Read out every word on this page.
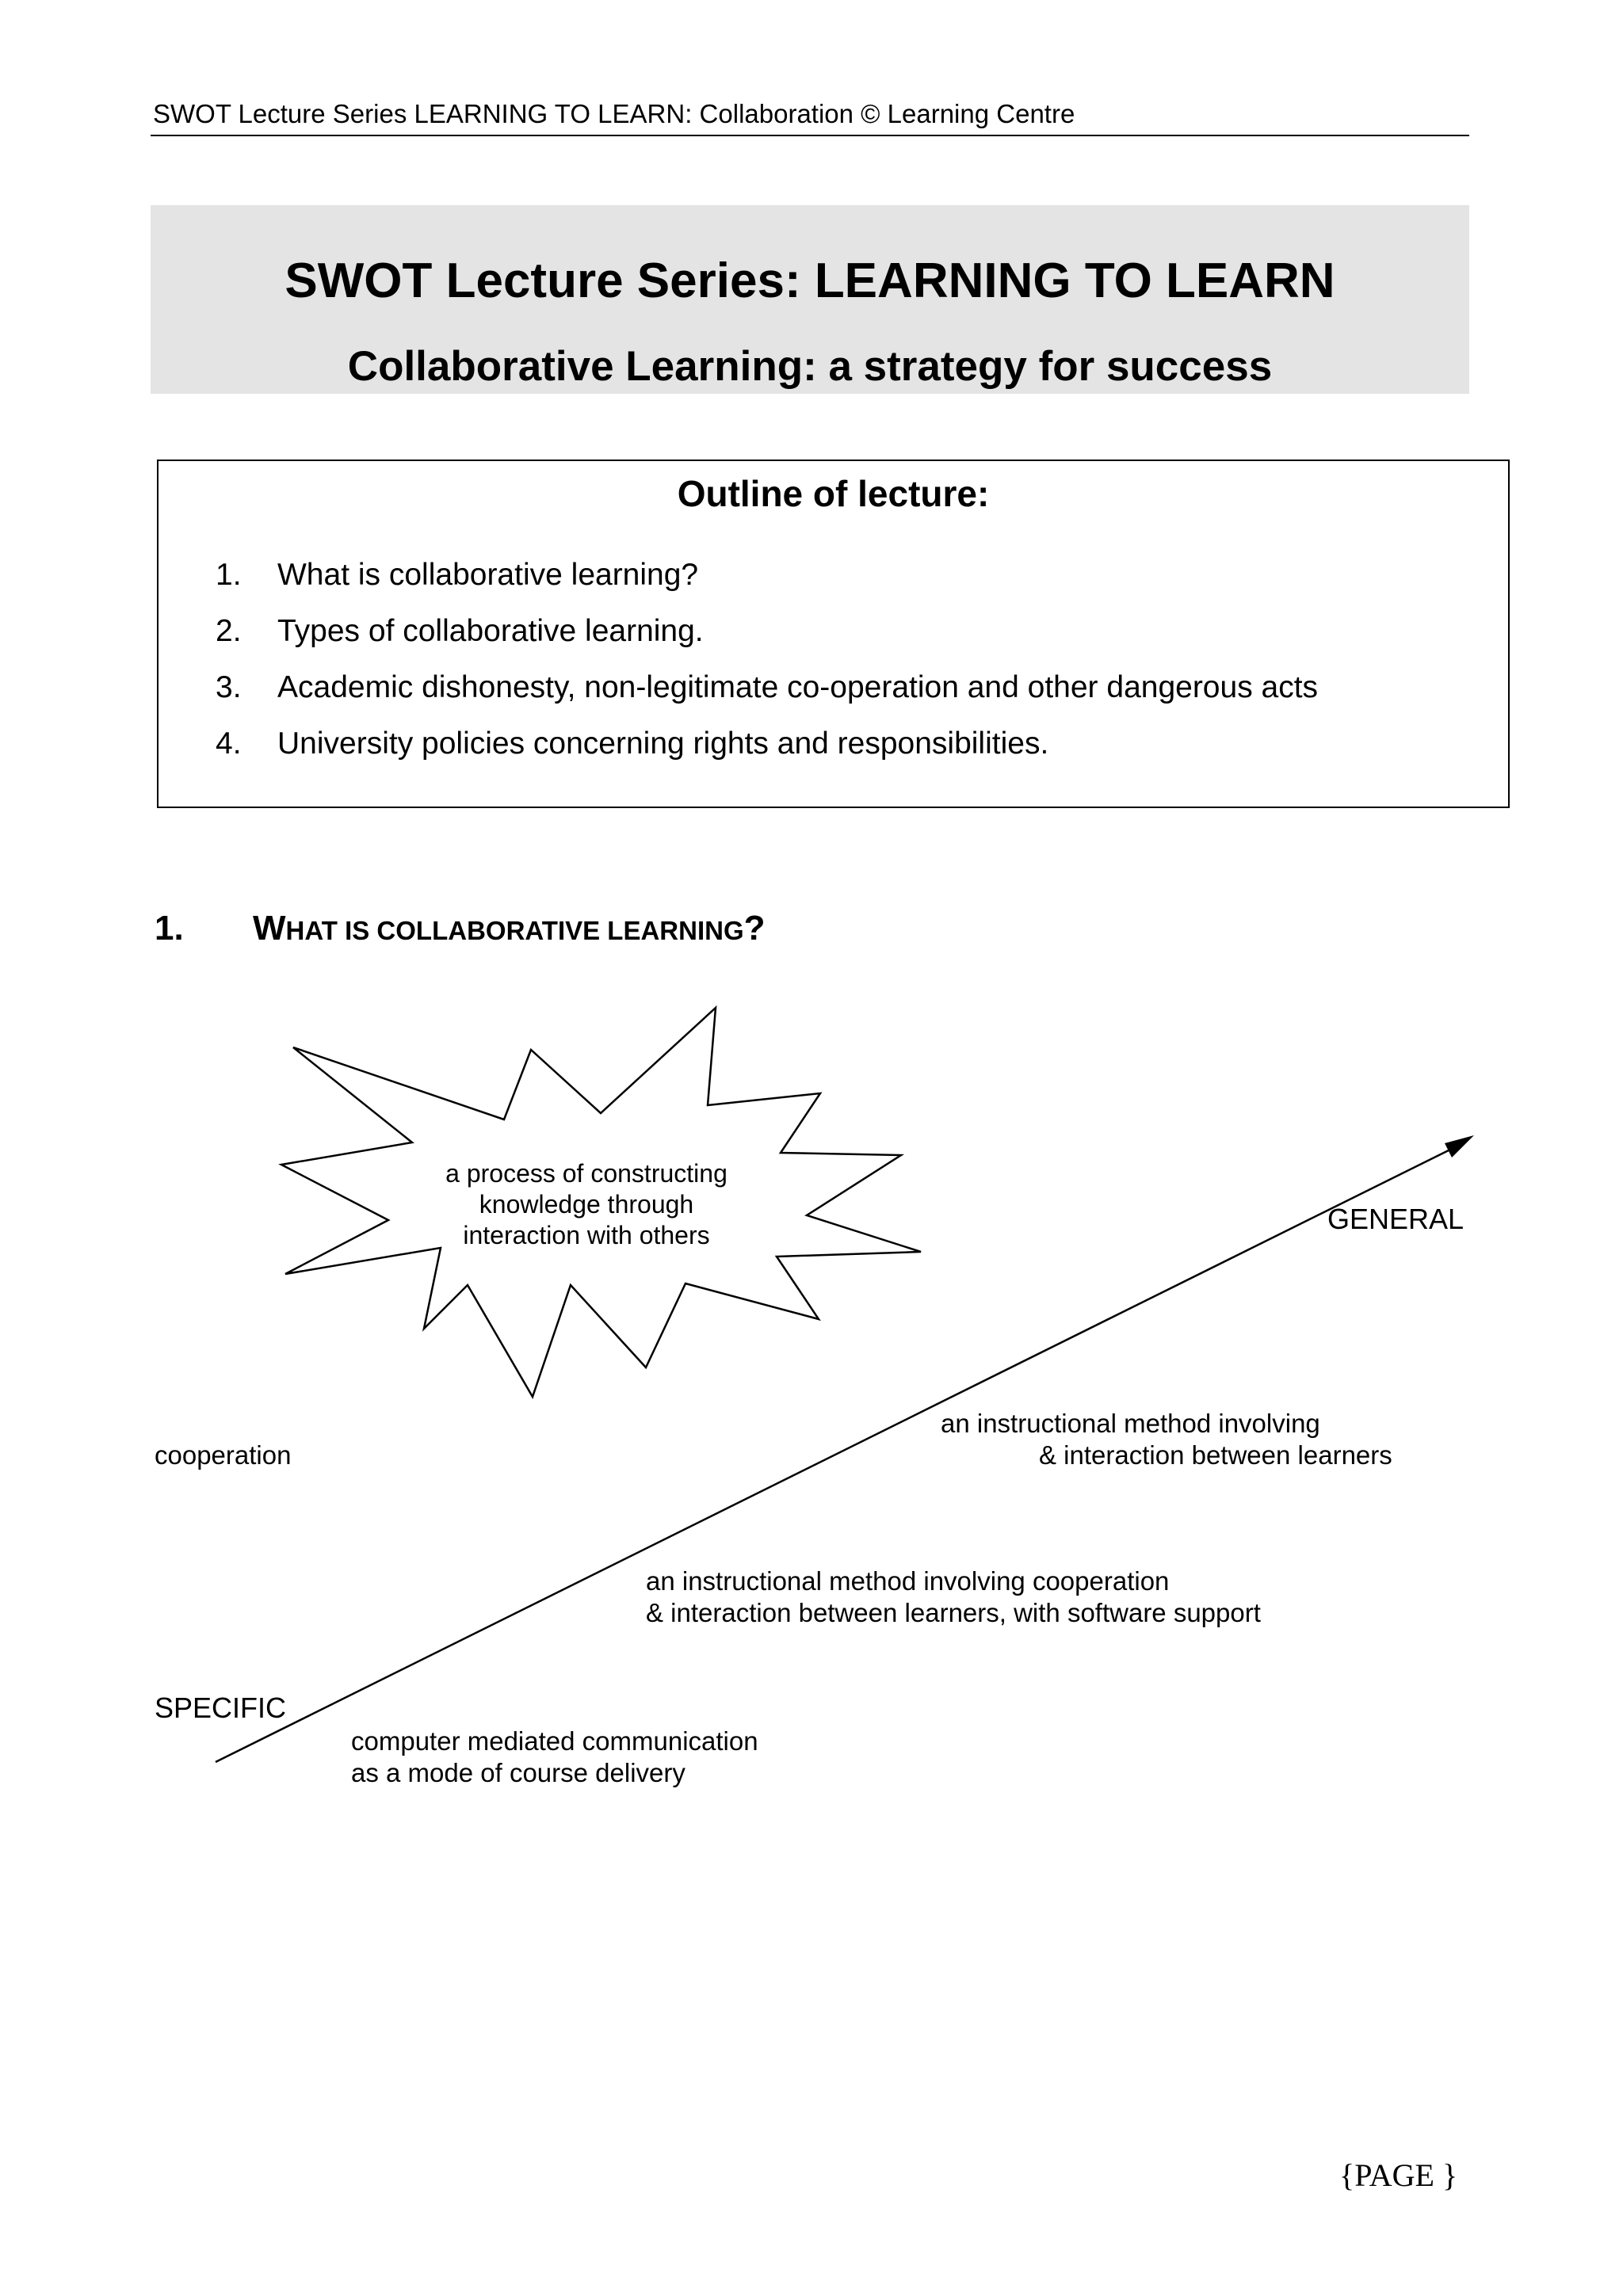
SWOT Lecture Series LEARNING TO LEARN: Collaboration © Learning Centre
SWOT Lecture Series: LEARNING TO LEARN
Collaborative Learning: a strategy for success
Outline of lecture:
1.	What is collaborative learning?
2.	Types of collaborative learning.
3.	Academic dishonesty, non-legitimate co-operation and other dangerous acts
4.	University policies concerning rights and responsibilities.
1. WHAT IS COLLABORATIVE LEARNING?
a process of constructing
knowledge through
interaction with others	GENERAL
an instructional method involving
& interaction between learners
cooperation
an instructional method involving cooperation
& interaction between learners, with software support
SPECIFIC
computer mediated communication
as a mode of course delivery
{PAGE }
